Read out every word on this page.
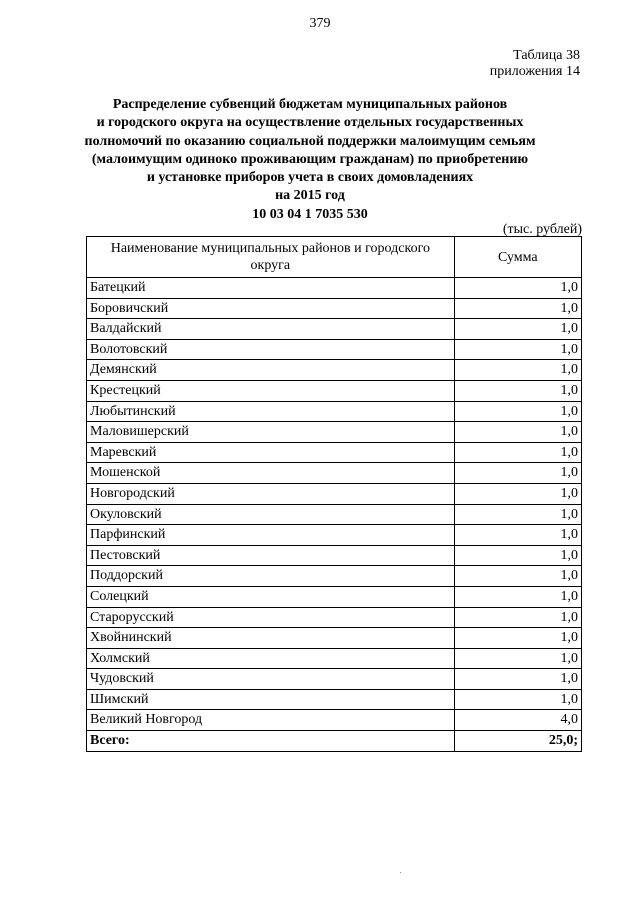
379
Таблица 38
приложения 14
Распределение субвенций бюджетам муниципальных районов
и городского округа на осуществление отдельных государственных
полномочий по оказанию социальной поддержки малоимущим семьям
(малоимущим одиноко проживающим гражданам) по приобретению
и установке приборов учета в своих домовладениях
на 2015 год
10 03 04 1 7035 530
(тыс. рублей)
Наименование муниципальных районов и городского округа	Сумма
Батецкий	1,0
Боровичский	1,0
Валдайский	1,0
Волотовский	1,0
Демянский	1,0
Крестецкий	1,0
Любытинский	1,0
Маловишерский	1,0
Маревский	1,0
Мошенской	1,0
Новгородский	1,0
Окуловский	1,0
Парфинский	1,0
Пестовский	1,0
Поддорский	1,0
Солецкий	1,0
Старорусский	1,0
Хвойнинский	1,0
Холмский	1,0
Чудовский	1,0
Шимский	1,0
Великий Новгород	4,0
Всего:	25,0;
